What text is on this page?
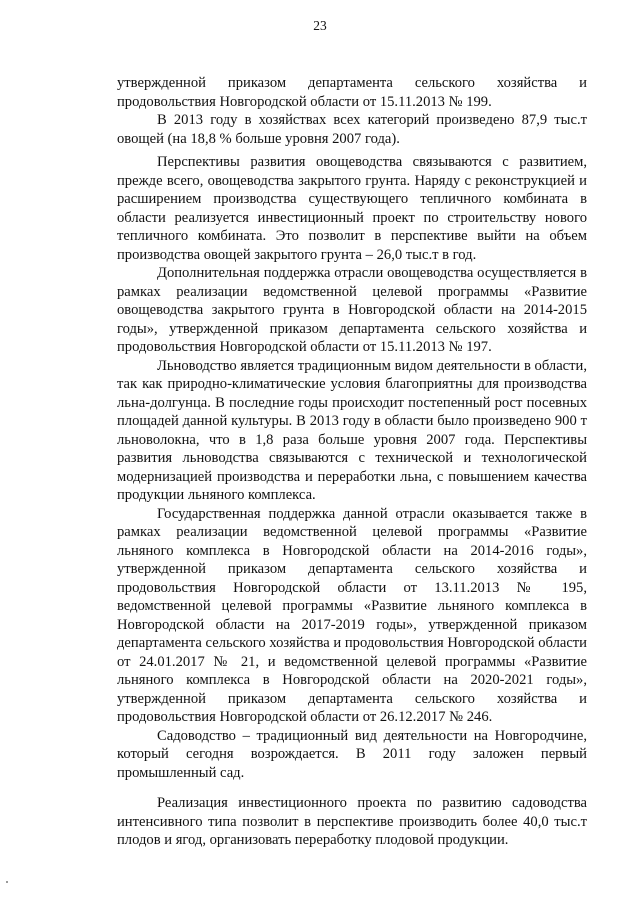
23

утвержденной приказом департамента сельского хозяйства и продовольствия Новгородской области от 15.11.2013 № 199.

В 2013 году в хозяйствах всех категорий произведено 87,9 тыс.т овощей (на 18,8 % больше уровня 2007 года).

Перспективы развития овощеводства связываются с развитием, прежде всего, овощеводства закрытого грунта. Наряду с реконструкцией и расширением производства существующего тепличного комбината в области реализуется инвестиционный проект по строительству нового тепличного комбината. Это позволит в перспективе выйти на объем производства овощей закрытого грунта – 26,0 тыс.т в год.

Дополнительная поддержка отрасли овощеводства осуществляется в рамках реализации ведомственной целевой программы «Развитие овощеводства закрытого грунта в Новгородской области на 2014-2015 годы», утвержденной приказом департамента сельского хозяйства и продовольствия Новгородской области от 15.11.2013 № 197.

Льноводство является традиционным видом деятельности в области, так как природно-климатические условия благоприятны для производства льна-долгунца. В последние годы происходит постепенный рост посевных площадей данной культуры. В 2013 году в области было произведено 900 т льноволокна, что в 1,8 раза больше уровня 2007 года. Перспективы развития льноводства связываются с технической и технологической модернизацией производства и переработки льна, с повышением качества продукции льняного комплекса.

Государственная поддержка данной отрасли оказывается также в рамках реализации ведомственной целевой программы «Развитие льняного комплекса в Новгородской области на 2014-2016 годы», утвержденной приказом департамента сельского хозяйства и продовольствия Новгородской области от 13.11.2013 № 195, ведомственной целевой программы «Развитие льняного комплекса в Новгородской области на 2017-2019 годы», утвержденной приказом департамента сельского хозяйства и продовольствия Новгородской области от 24.01.2017 № 21, и ведомственной целевой программы «Развитие льняного комплекса в Новгородской области на 2020-2021 годы», утвержденной приказом департамента сельского хозяйства и продовольствия Новгородской области от 26.12.2017 № 246.

Садоводство – традиционный вид деятельности на Новгородчине, который сегодня возрождается. В 2011 году заложен первый промышленный сад.

Реализация инвестиционного проекта по развитию садоводства интенсивного типа позволит в перспективе производить более 40,0 тыс.т плодов и ягод, организовать переработку плодовой продукции.
